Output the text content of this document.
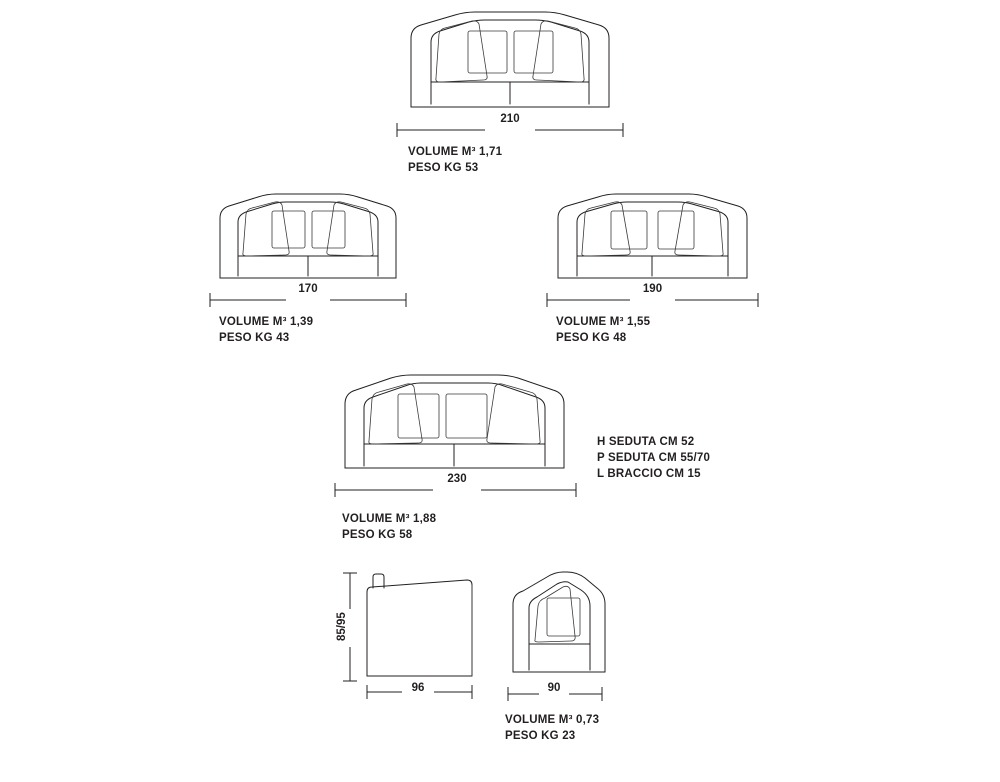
210
VOLUME M³ 1,71
PESO KG 53
170
VOLUME M³ 1,39
PESO KG 43
190
VOLUME M³ 1,55
PESO KG 48
230
VOLUME M³ 1,88
PESO KG 58
H SEDUTA CM 52
P SEDUTA CM 55/70
L BRACCIO CM 15
85/95
96	90
VOLUME M³ 0,73
PESO KG 23
